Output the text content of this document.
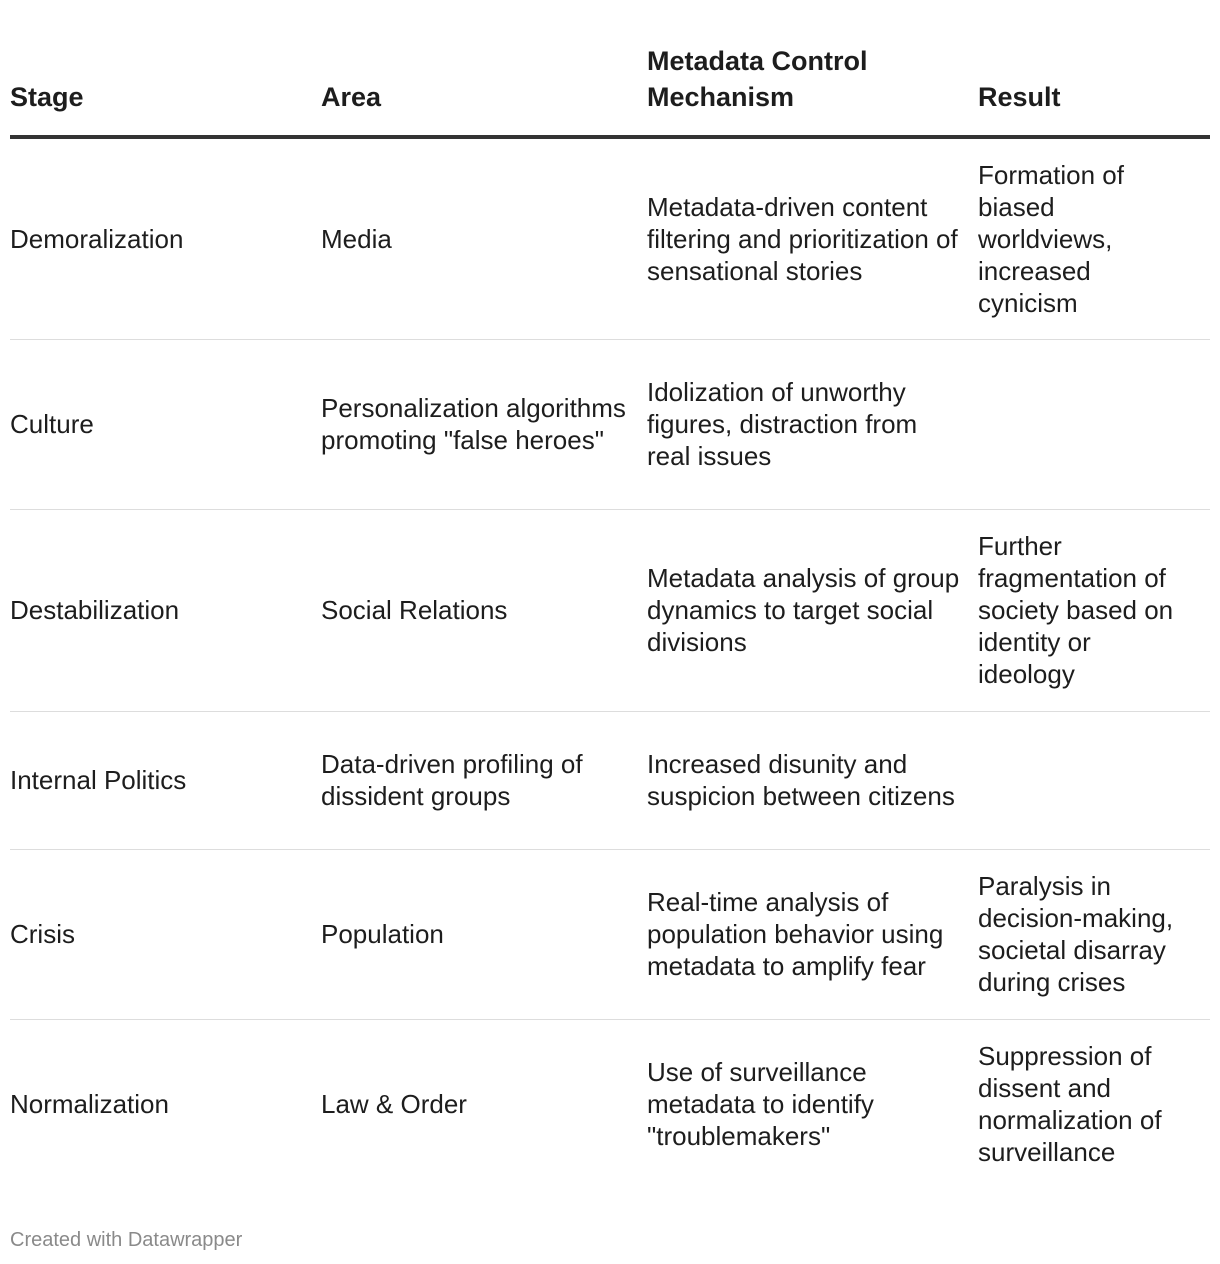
Stage	Area	Metadata Control Mechanism	Result
Demoralization	Media	Metadata-driven content filtering and prioritization of sensational stories	Formation of biased worldviews, increased cynicism
Culture	Personalization algorithms promoting "false heroes"	Idolization of unworthy figures, distraction from real issues	
Destabilization	Social Relations	Metadata analysis of group dynamics to target social divisions	Further fragmentation of society based on identity or ideology
Internal Politics	Data-driven profiling of dissident groups	Increased disunity and suspicion between citizens	
Crisis	Population	Real-time analysis of population behavior using metadata to amplify fear	Paralysis in decision-making, societal disarray during crises
Normalization	Law & Order	Use of surveillance metadata to identify "troublemakers"	Suppression of dissent and normalization of surveillance
Created with Datawrapper
